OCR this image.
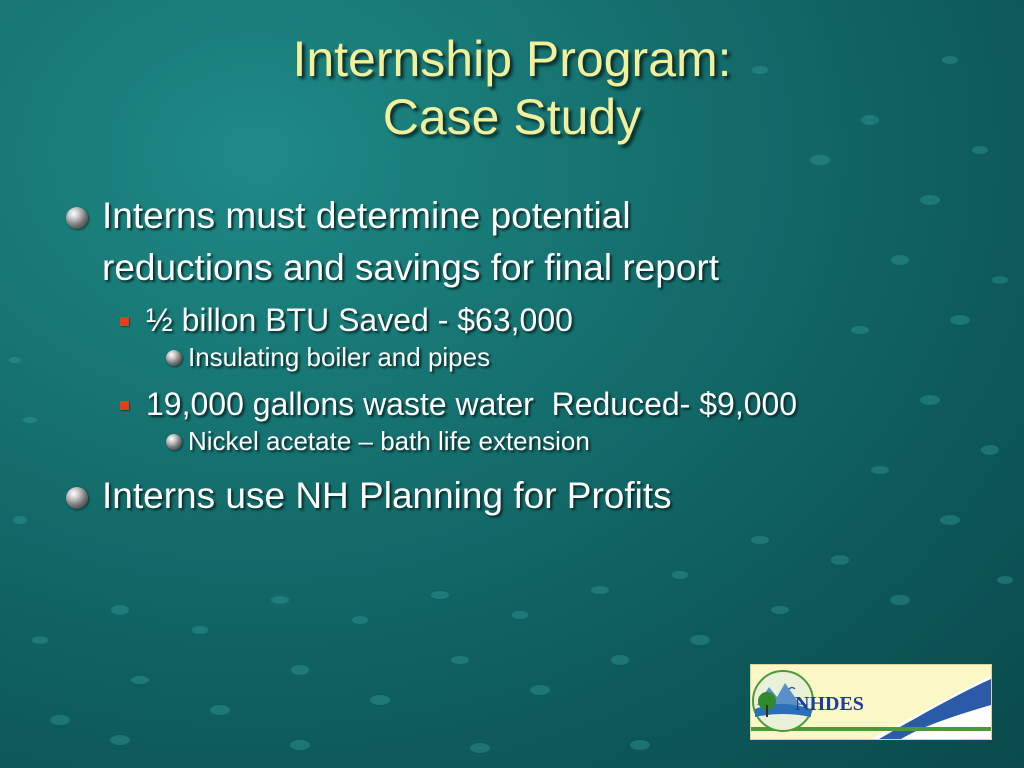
Internship Program:
Case Study
Interns must determine potential
reductions and savings for final report
½ billon BTU Saved - $63,000
Insulating boiler and pipes
19,000 gallons waste water  Reduced- $9,000
Nickel acetate – bath life extension
Interns use NH Planning for Profits
NHDES
